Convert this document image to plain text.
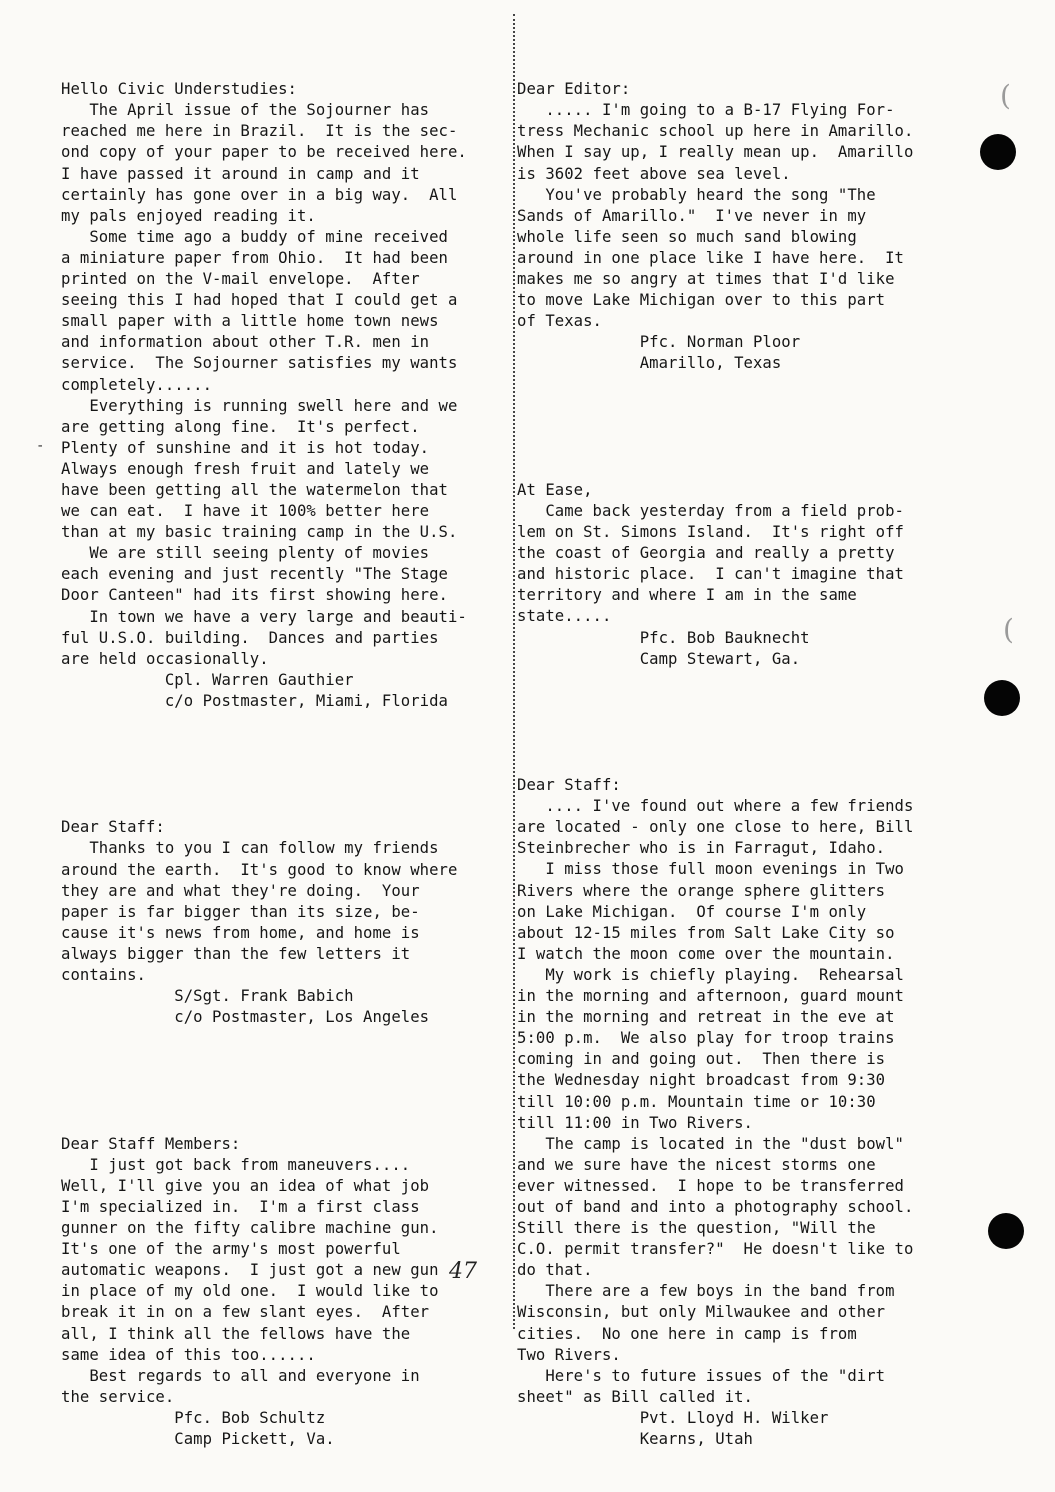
Hello Civic Understudies:
The April issue of the Sojourner has
reached me here in Brazil.  It is the sec-
ond copy of your paper to be received here.
I have passed it around in camp and it
certainly has gone over in a big way.  All
my pals enjoyed reading it.
Some time ago a buddy of mine received
a miniature paper from Ohio.  It had been
printed on the V-mail envelope.  After
seeing this I had hoped that I could get a
small paper with a little home town news
and information about other T.R. men in
service.  The Sojourner satisfies my wants
completely......
Everything is running swell here and we
are getting along fine.  It's perfect.
Plenty of sunshine and it is hot today.
Always enough fresh fruit and lately we
have been getting all the watermelon that
we can eat.  I have it 100% better here
than at my basic training camp in the U.S.
We are still seeing plenty of movies
each evening and just recently "The Stage
Door Canteen" had its first showing here.
In town we have a very large and beauti-
ful U.S.O. building.  Dances and parties
are held occasionally.
Cpl. Warren Gauthier
c/o Postmaster, Miami, Florida

Dear Staff:
Thanks to you I can follow my friends
around the earth.  It's good to know where
they are and what they're doing.  Your
paper is far bigger than its size, be-
cause it's news from home, and home is
always bigger than the few letters it
contains.
S/Sgt. Frank Babich
c/o Postmaster, Los Angeles

Dear Staff Members:
I just got back from maneuvers....
Well, I'll give you an idea of what job
I'm specialized in.  I'm a first class
gunner on the fifty calibre machine gun.
It's one of the army's most powerful
automatic weapons.  I just got a new gun
in place of my old one.  I would like to
break it in on a few slant eyes.  After
all, I think all the fellows have the
same idea of this too......
Best regards to all and everyone in
the service.
Pfc. Bob Schultz
Camp Pickett, Va.

Dear Editor:
..... I'm going to a B-17 Flying For-
tress Mechanic school up here in Amarillo.
When I say up, I really mean up.  Amarillo
is 3602 feet above sea level.
You've probably heard the song "The
Sands of Amarillo."  I've never in my
whole life seen so much sand blowing
around in one place like I have here.  It
makes me so angry at times that I'd like
to move Lake Michigan over to this part
of Texas.
Pfc. Norman Ploor
Amarillo, Texas

At Ease,
Came back yesterday from a field prob-
lem on St. Simons Island.  It's right off
the coast of Georgia and really a pretty
and historic place.  I can't imagine that
territory and where I am in the same
state.....
Pfc. Bob Bauknecht
Camp Stewart, Ga.

Dear Staff:
.... I've found out where a few friends
are located - only one close to here, Bill
Steinbrecher who is in Farragut, Idaho.
I miss those full moon evenings in Two
Rivers where the orange sphere glitters
on Lake Michigan.  Of course I'm only
about 12-15 miles from Salt Lake City so
I watch the moon come over the mountain.
My work is chiefly playing.  Rehearsal
in the morning and afternoon, guard mount
in the morning and retreat in the eve at
5:00 p.m.  We also play for troop trains
coming in and going out.  Then there is
the Wednesday night broadcast from 9:30
till 10:00 p.m. Mountain time or 10:30
till 11:00 in Two Rivers.
The camp is located in the "dust bowl"
and we sure have the nicest storms one
ever witnessed.  I hope to be transferred
out of band and into a photography school.
Still there is the question, "Will the
C.O. permit transfer?"  He doesn't like to
do that.
There are a few boys in the band from
Wisconsin, but only Milwaukee and other
cities.  No one here in camp is from
Two Rivers.
Here's to future issues of the "dirt
sheet" as Bill called it.
Pvt. Lloyd H. Wilker
Kearns, Utah

(
(
-
47
